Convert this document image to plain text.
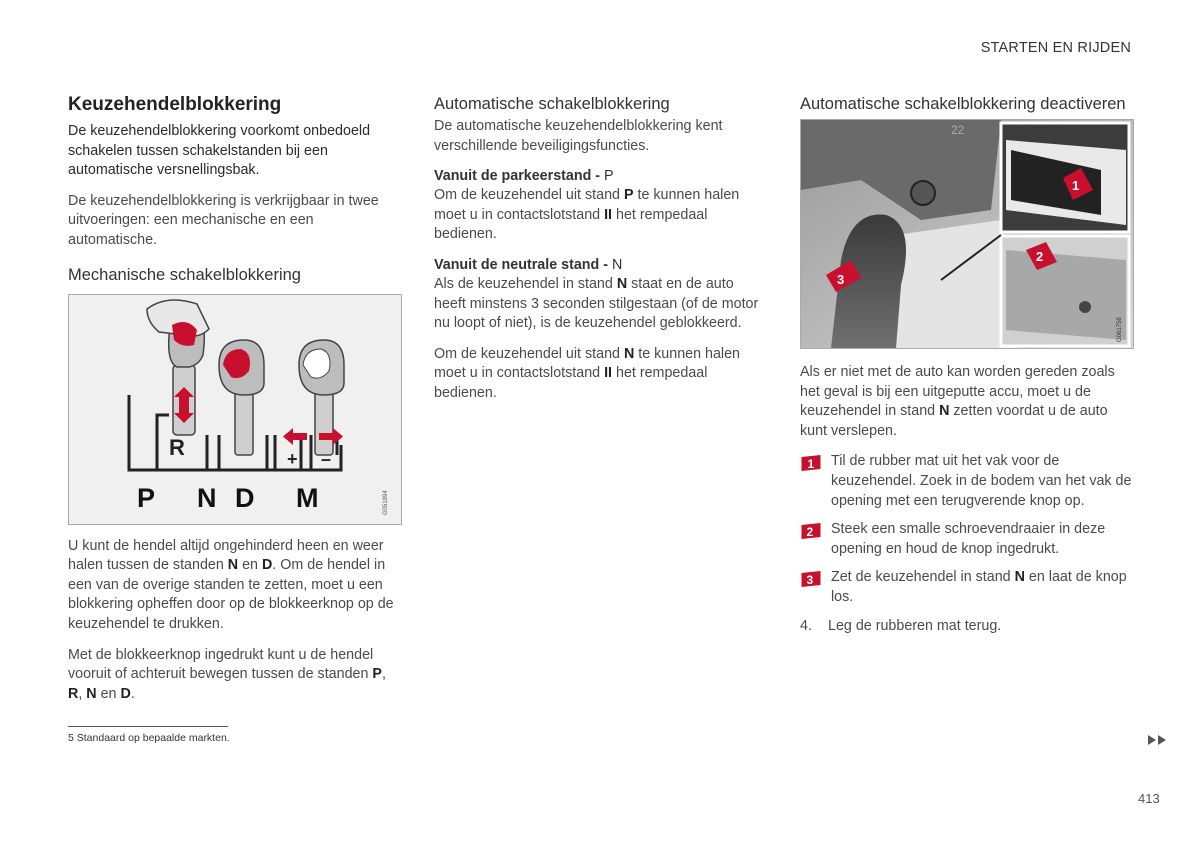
STARTEN EN RIJDEN
Keuzehendelblokkering

De keuzehendelblokkering voorkomt onbedoeld schakelen tussen schakelstanden bij een automatische versnellingsbak.

De keuzehendelblokkering is verkrijgbaar in twee uitvoeringen: een mechanische en een automatische.

Mechanische schakelblokkering
R	+ –
P N D M	G051994

U kunt de hendel altijd ongehinderd heen en weer halen tussen de standen N en D. Om de hendel in een van de overige standen te zetten, moet u een blokkering opheffen door op de blokkeerknop op de keuzehendel te drukken.

Met de blokkeerknop ingedrukt kunt u de hendel vooruit of achteruit bewegen tussen de standen P, R, N en D.

Automatische schakelblokkering

De automatische keuzehendelblokkering kent verschillende beveiligingsfuncties.

Vanuit de parkeerstand - P

Om de keuzehendel uit stand P te kunnen halen moet u in contactslotstand II het rempedaal bedienen.

Vanuit de neutrale stand - N

Als de keuzehendel in stand N staat en de auto heeft minstens 3 seconden stilgestaan (of de motor nu loopt of niet), is de keuzehendel geblokkeerd.

Om de keuzehendel uit stand N te kunnen halen moet u in contactslotstand II het rempedaal bedienen.

Automatische schakelblokkering deactiveren
22
3
1
2
G061758

Als er niet met de auto kan worden gereden zoals het geval is bij een uitgeputte accu, moet u de keuzehendel in stand N zetten voordat u de auto kunt verslepen.

1 Til de rubber mat uit het vak voor de keuzehendel. Zoek in de bodem van het vak de opening met een terugverende knop op.
2 Steek een smalle schroevendraaier in deze opening en houd de knop ingedrukt.
3 Zet de keuzehendel in stand N en laat de knop los.
4.	Leg de rubberen mat terug.
5 Standaard op bepaalde markten.
413
